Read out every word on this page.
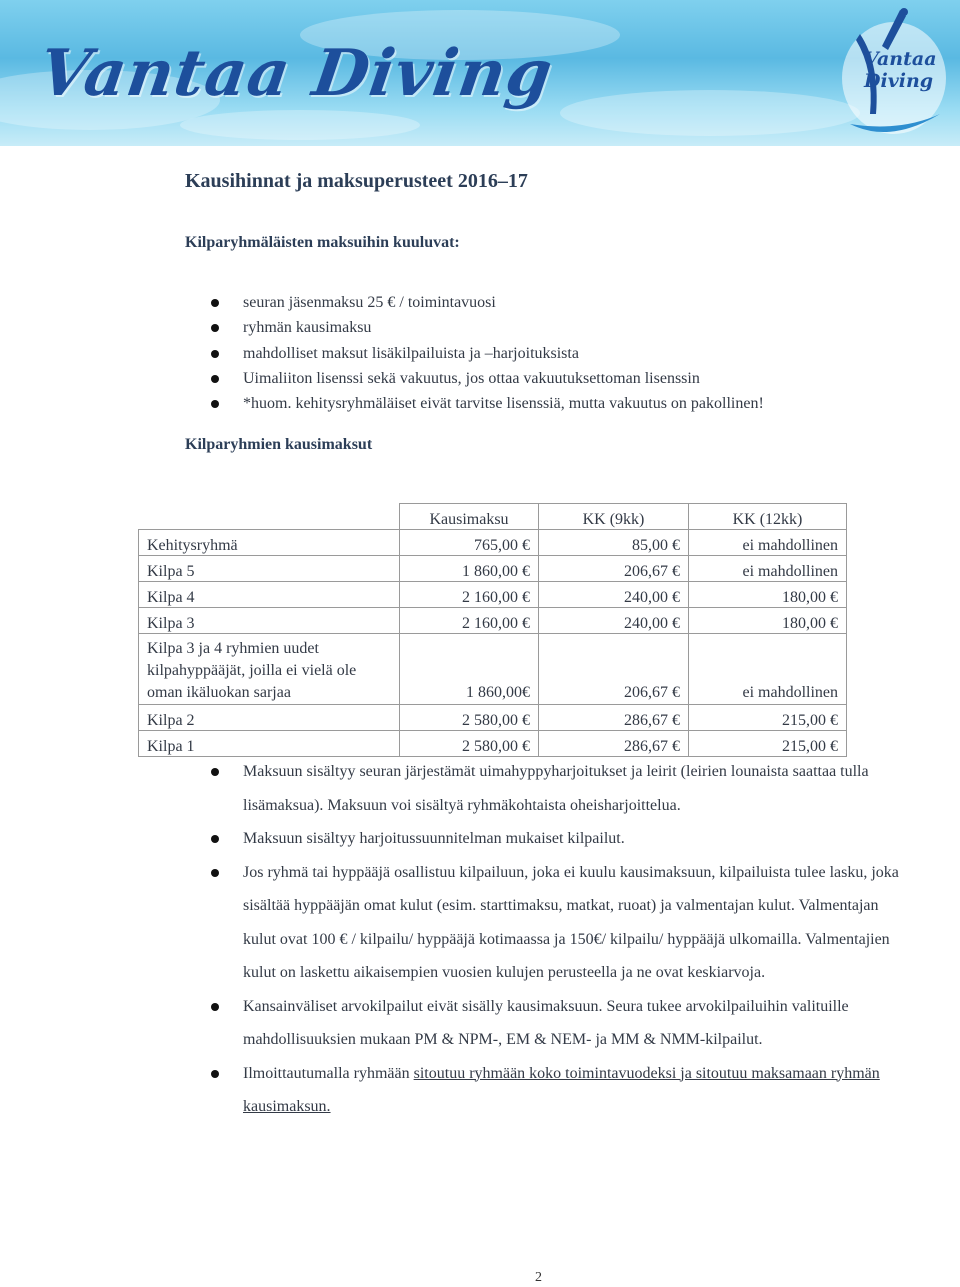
Vantaa Diving	Vantaa
Diving
Kausihinnat ja maksuperusteet 2016–17
Kilparyhmäläisten maksuihin kuuluvat:
seuran jäsenmaksu 25 € / toimintavuosi
ryhmän kausimaksu
mahdolliset maksut lisäkilpailuista ja –harjoituksista
Uimaliiton lisenssi sekä vakuutus, jos ottaa vakuutuksettoman lisenssin
*huom. kehitysryhmäläiset eivät tarvitse lisenssiä, mutta vakuutus on pakollinen!
Kilparyhmien kausimaksut
	Kausimaksu	KK (9kk)	KK (12kk)
Kehitysryhmä	765,00 €	85,00 €	ei mahdollinen
Kilpa 5	1 860,00 €	206,67 €	ei mahdollinen
Kilpa 4	2 160,00 €	240,00 €	180,00 €
Kilpa 3	2 160,00 €	240,00 €	180,00 €
Kilpa 3 ja 4 ryhmien uudet kilpahyppääjät, joilla ei vielä ole oman ikäluokan sarjaa	1 860,00€	206,67 €	ei mahdollinen
Kilpa 2	2 580,00 €	286,67 €	215,00 €
Kilpa 1	2 580,00 €	286,67 €	215,00 €
Maksuun sisältyy seuran järjestämät uimahyppyharjoitukset ja leirit (leirien lounaista saattaa tulla lisämaksua). Maksuun voi sisältyä ryhmäkohtaista oheisharjoittelua.
Maksuun sisältyy harjoitussuunnitelman mukaiset kilpailut.
Jos ryhmä tai hyppääjä osallistuu kilpailuun, joka ei kuulu kausimaksuun, kilpailuista tulee lasku, joka sisältää hyppääjän omat kulut (esim. starttimaksu, matkat, ruoat) ja valmentajan kulut. Valmentajan kulut ovat 100 € / kilpailu/ hyppääjä kotimaassa ja 150€/ kilpailu/ hyppääjä ulkomailla. Valmentajien kulut on laskettu aikaisempien vuosien kulujen perusteella ja ne ovat keskiarvoja.
Kansainväliset arvokilpailut eivät sisälly kausimaksuun. Seura tukee arvokilpailuihin valituille mahdollisuuksien mukaan PM & NPM-, EM & NEM- ja MM & NMM-kilpailut.
Ilmoittautumalla ryhmään sitoutuu ryhmään koko toimintavuodeksi ja sitoutuu maksamaan ryhmän kausimaksun.
2
